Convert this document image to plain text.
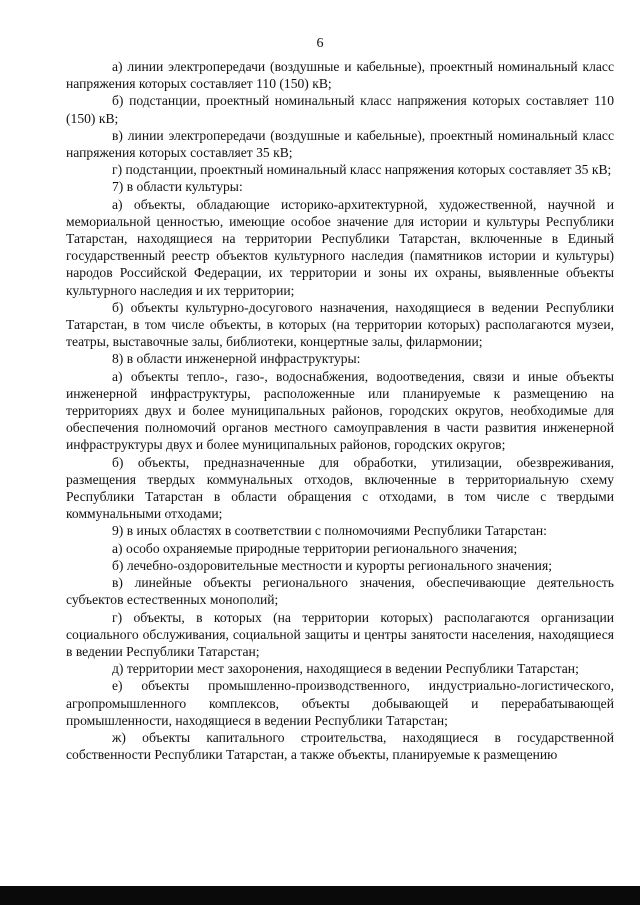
6

а) линии электропередачи (воздушные и кабельные), проектный номинальный класс напряжения которых составляет 110 (150) кВ;

б) подстанции, проектный номинальный класс напряжения которых составляет 110 (150) кВ;

в) линии электропередачи (воздушные и кабельные), проектный номинальный класс напряжения которых составляет 35 кВ;

г) подстанции, проектный номинальный класс напряжения которых составляет 35 кВ;

7) в области культуры:

а) объекты, обладающие историко-архитектурной, художественной, научной и мемориальной ценностью, имеющие особое значение для истории и культуры Республики Татарстан, находящиеся на территории Республики Татарстан, включенные в Единый государственный реестр объектов культурного наследия (памятников истории и культуры) народов Российской Федерации, их территории и зоны их охраны, выявленные объекты культурного наследия и их территории;

б) объекты культурно-досугового назначения, находящиеся в ведении Республики Татарстан, в том числе объекты, в которых (на территории которых) располагаются музеи, театры, выставочные залы, библиотеки, концертные залы, филармонии;

8) в области инженерной инфраструктуры:

а) объекты тепло-, газо-, водоснабжения, водоотведения, связи и иные объекты инженерной инфраструктуры, расположенные или планируемые к размещению на территориях двух и более муниципальных районов, городских округов, необходимые для обеспечения полномочий органов местного самоуправления в части развития инженерной инфраструктуры двух и более муниципальных районов, городских округов;

б) объекты, предназначенные для обработки, утилизации, обезвреживания, размещения твердых коммунальных отходов, включенные в территориальную схему Республики Татарстан в области обращения с отходами, в том числе с твердыми коммунальными отходами;

9) в иных областях в соответствии с полномочиями Республики Татарстан:

а) особо охраняемые природные территории регионального значения;

б) лечебно-оздоровительные местности и курорты регионального значения;

в) линейные объекты регионального значения, обеспечивающие деятельность субъектов естественных монополий;

г) объекты, в которых (на территории которых) располагаются организации социального обслуживания, социальной защиты и центры занятости населения, находящиеся в ведении Республики Татарстан;

д) территории мест захоронения, находящиеся в ведении Республики Татарстан;

е) объекты промышленно-производственного, индустриально-логистического, агропромышленного комплексов, объекты добывающей и перерабатывающей промышленности, находящиеся в ведении Республики Татарстан;

ж) объекты капитального строительства, находящиеся в государственной собственности Республики Татарстан, а также объекты, планируемые к размещению
